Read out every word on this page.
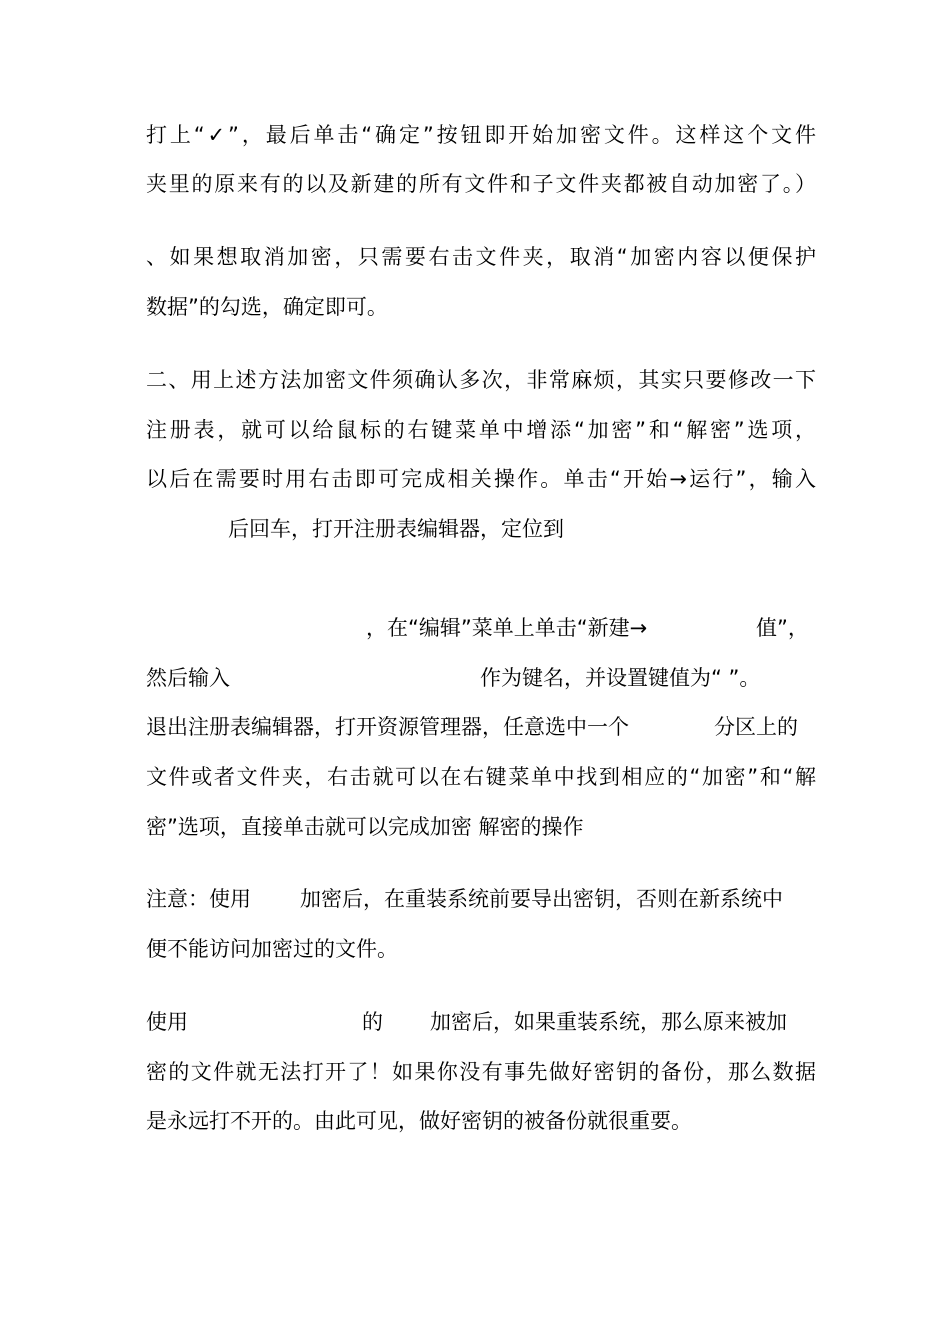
打上“✓”，最后单击“确定”按钮即开始加密文件。这样这个文件
夹里的原来有的以及新建的所有文件和子文件夹都被自动加密了。）
、如果想取消加密，只需要右击文件夹，取消“加密内容以便保护
数据”的勾选，确定即可。
二、用上述方法加密文件须确认多次，非常麻烦，其实只要修改一下
注册表，就可以给鼠标的右键菜单中增添“加密”和“解密”选项，
以后在需要时用右击即可完成相关操作。单击“开始→运行”，输入
后回车，打开注册表编辑器，定位到
，在“编辑”菜单上单击“新建→	值”，
然后输入	作为键名，并设置键值为“ ”。
退出注册表编辑器，打开资源管理器，任意选中一个	分区上的
文件或者文件夹，右击就可以在右键菜单中找到相应的“加密”和“解
密”选项，直接单击就可以完成加密 解密的操作
注意：使用 加密后，在重装系统前要导出密钥，否则在新系统中
便不能访问加密过的文件。
使用	的 加密后，如果重装系统，那么原来被加
密的文件就无法打开了！如果你没有事先做好密钥的备份，那么数据
是永远打不开的。由此可见，做好密钥的被备份就很重要。
